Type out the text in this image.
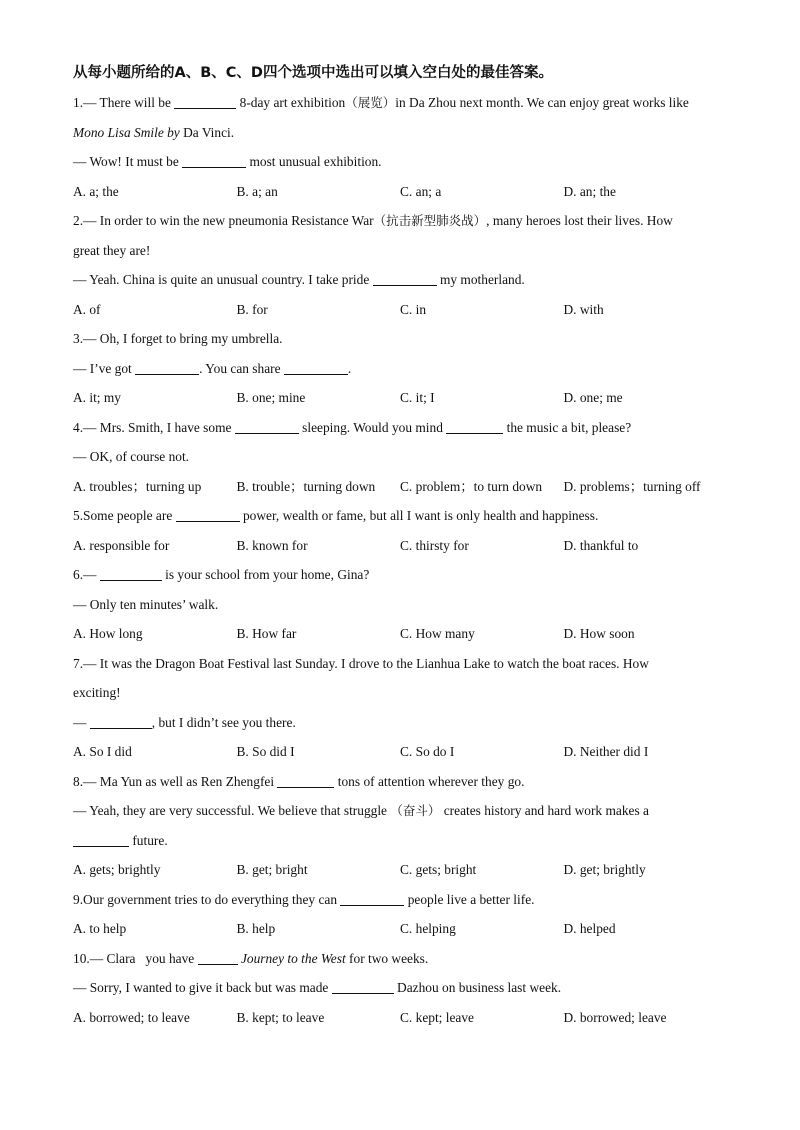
从每小题所给的A、B、C、D四个选项中选出可以填入空白处的最佳答案。
1.— There will be	8-day art exhibition（展览）in Da Zhou next month. We can enjoy great works like
Mono Lisa Smile by Da Vinci.
— Wow! It must be	most unusual exhibition.
A. a; the	B. a; an	C. an; a	D. an; the
2.— In order to win the new pneumonia Resistance War（抗击新型肺炎战）, many heroes lost their lives. How
great they are!
— Yeah. China is quite an unusual country. I take pride	my motherland.
A. of	B. for	C. in	D. with
3.— Oh, I forget to bring my umbrella.
— I’ve got	. You can share	.
A. it; my	B. one; mine	C. it; I	D. one; me
4.— Mrs. Smith, I have some	sleeping. Would you mind	the music a bit, please?
— OK, of course not.
A. troubles；turning up	B. trouble；turning down	C. problem；to turn down	D. problems；turning off
5.Some people are	power, wealth or fame, but all I want is only health and happiness.
A. responsible for	B. known for	C. thirsty for	D. thankful to
6.—	is your school from your home, Gina?
— Only ten minutes’ walk.
A. How long	B. How far	C. How many	D. How soon
7.— It was the Dragon Boat Festival last Sunday. I drove to the Lianhua Lake to watch the boat races. How
exciting!
—	, but I didn’t see you there.
A. So I did	B. So did I	C. So do I	D. Neither did I
8.— Ma Yun as well as Ren Zhengfei	tons of attention wherever they go.
— Yeah, they are very successful. We believe that struggle （奋斗） creates history and hard work makes a
future.
A. gets; brightly	B. get; bright	C. gets; bright	D. get; brightly
9.Our government tries to do everything they can	people live a better life.
A. to help	B. help	C. helping	D. helped
10.— Clara   you have	Journey to the West for two weeks.
— Sorry, I wanted to give it back but was made	Dazhou on business last week.
A. borrowed; to leave	B. kept; to leave	C. kept; leave	D. borrowed; leave
